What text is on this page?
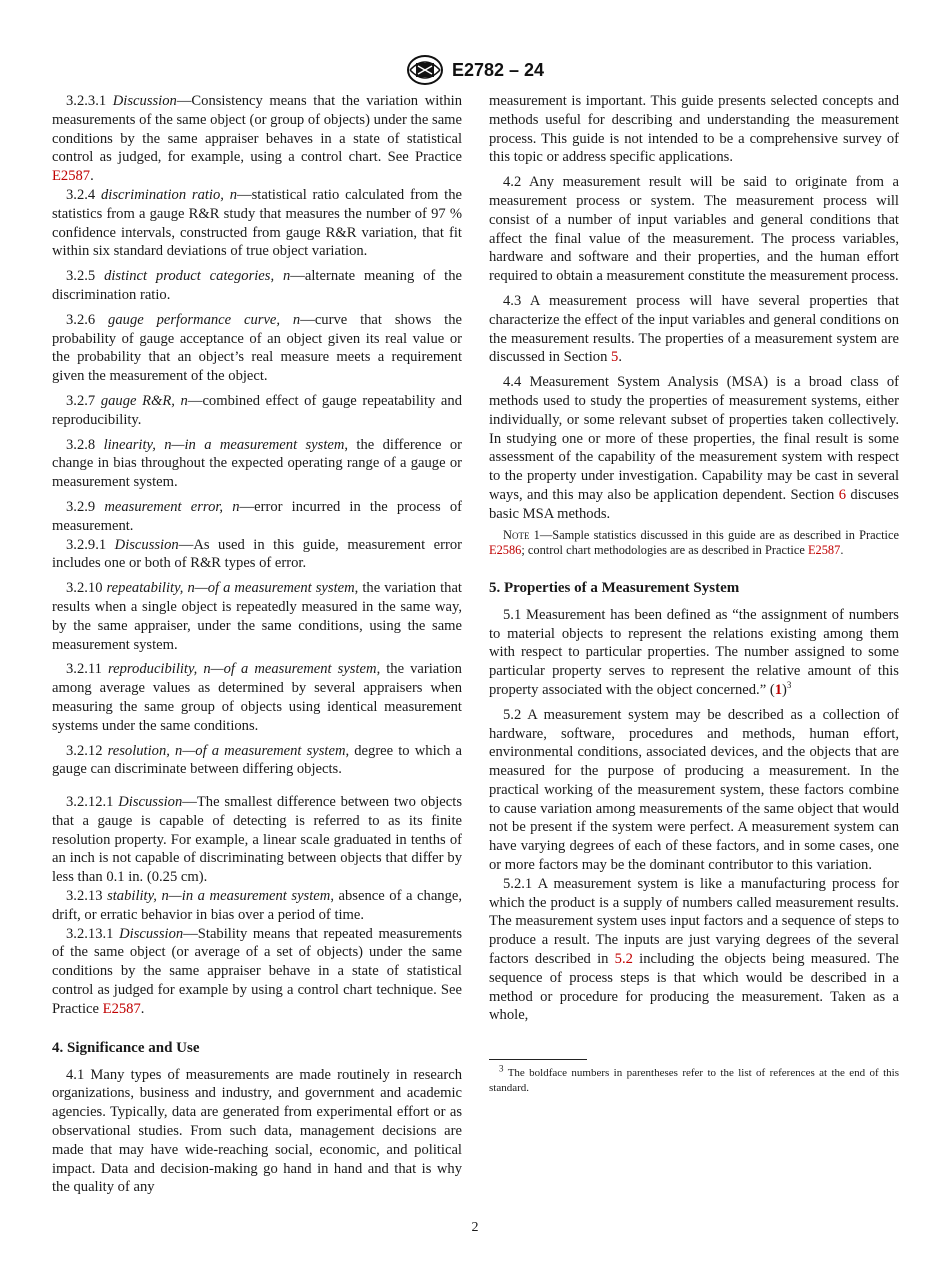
E2782 – 24

3.2.3.1 Discussion—Consistency means that the variation within measurements of the same object (or group of objects) under the same conditions by the same appraiser behaves in a state of statistical control as judged, for example, using a control chart. See Practice E2587.

3.2.4 discrimination ratio, n—statistical ratio calculated from the statistics from a gauge R&R study that measures the number of 97 % confidence intervals, constructed from gauge R&R variation, that fit within six standard deviations of true object variation.

3.2.5 distinct product categories, n—alternate meaning of the discrimination ratio.

3.2.6 gauge performance curve, n—curve that shows the probability of gauge acceptance of an object given its real value or the probability that an object’s real measure meets a requirement given the measurement of the object.

3.2.7 gauge R&R, n—combined effect of gauge repeatability and reproducibility.

3.2.8 linearity, n—in a measurement system, the difference or change in bias throughout the expected operating range of a gauge or measurement system.

3.2.9 measurement error, n—error incurred in the process of measurement.

3.2.9.1 Discussion—As used in this guide, measurement error includes one or both of R&R types of error.

3.2.10 repeatability, n—of a measurement system, the variation that results when a single object is repeatedly measured in the same way, by the same appraiser, under the same conditions, using the same measurement system.

3.2.11 reproducibility, n—of a measurement system, the variation among average values as determined by several appraisers when measuring the same group of objects using identical measurement systems under the same conditions.

3.2.12 resolution, n—of a measurement system, degree to which a gauge can discriminate between differing objects.

3.2.12.1 Discussion—The smallest difference between two objects that a gauge is capable of detecting is referred to as its finite resolution property. For example, a linear scale graduated in tenths of an inch is not capable of discriminating between objects that differ by less than 0.1 in. (0.25 cm).

3.2.13 stability, n—in a measurement system, absence of a change, drift, or erratic behavior in bias over a period of time.

3.2.13.1 Discussion—Stability means that repeated measurements of the same object (or average of a set of objects) under the same conditions by the same appraiser behave in a state of statistical control as judged for example by using a control chart technique. See Practice E2587.

4. Significance and Use

4.1 Many types of measurements are made routinely in research organizations, business and industry, and government and academic agencies. Typically, data are generated from experimental effort or as observational studies. From such data, management decisions are made that may have wide-reaching social, economic, and political impact. Data and decision-making go hand in hand and that is why the quality of any

measurement is important. This guide presents selected concepts and methods useful for describing and understanding the measurement process. This guide is not intended to be a comprehensive survey of this topic or address specific applications.

4.2 Any measurement result will be said to originate from a measurement process or system. The measurement process will consist of a number of input variables and general conditions that affect the final value of the measurement. The process variables, hardware and software and their properties, and the human effort required to obtain a measurement constitute the measurement process.

4.3 A measurement process will have several properties that characterize the effect of the input variables and general conditions on the measurement results. The properties of a measurement system are discussed in Section 5.

4.4 Measurement System Analysis (MSA) is a broad class of methods used to study the properties of measurement systems, either individually, or some relevant subset of properties taken collectively. In studying one or more of these properties, the final result is some assessment of the capability of the measurement system with respect to the property under investigation. Capability may be cast in several ways, and this may also be application dependent. Section 6 discuses basic MSA methods.

Note 1—Sample statistics discussed in this guide are as described in Practice E2586; control chart methodologies are as described in Practice E2587.

5. Properties of a Measurement System

5.1 Measurement has been defined as “the assignment of numbers to material objects to represent the relations existing among them with respect to particular properties. The number assigned to some particular property serves to represent the relative amount of this property associated with the object concerned.” $(1)^3$

5.2 A measurement system may be described as a collection of hardware, software, procedures and methods, human effort, environmental conditions, associated devices, and the objects that are measured for the purpose of producing a measurement. In the practical working of the measurement system, these factors combine to cause variation among measurements of the same object that would not be present if the system were perfect. A measurement system can have varying degrees of each of these factors, and in some cases, one or more factors may be the dominant contributor to this variation.

5.2.1 A measurement system is like a manufacturing process for which the product is a supply of numbers called measurement results. The measurement system uses input factors and a sequence of steps to produce a result. The inputs are just varying degrees of the several factors described in 5.2 including the objects being measured. The sequence of process steps is that which would be described in a method or procedure for producing the measurement. Taken as a whole,

$^3$ The boldface numbers in parentheses refer to the list of references at the end of this standard.

2
